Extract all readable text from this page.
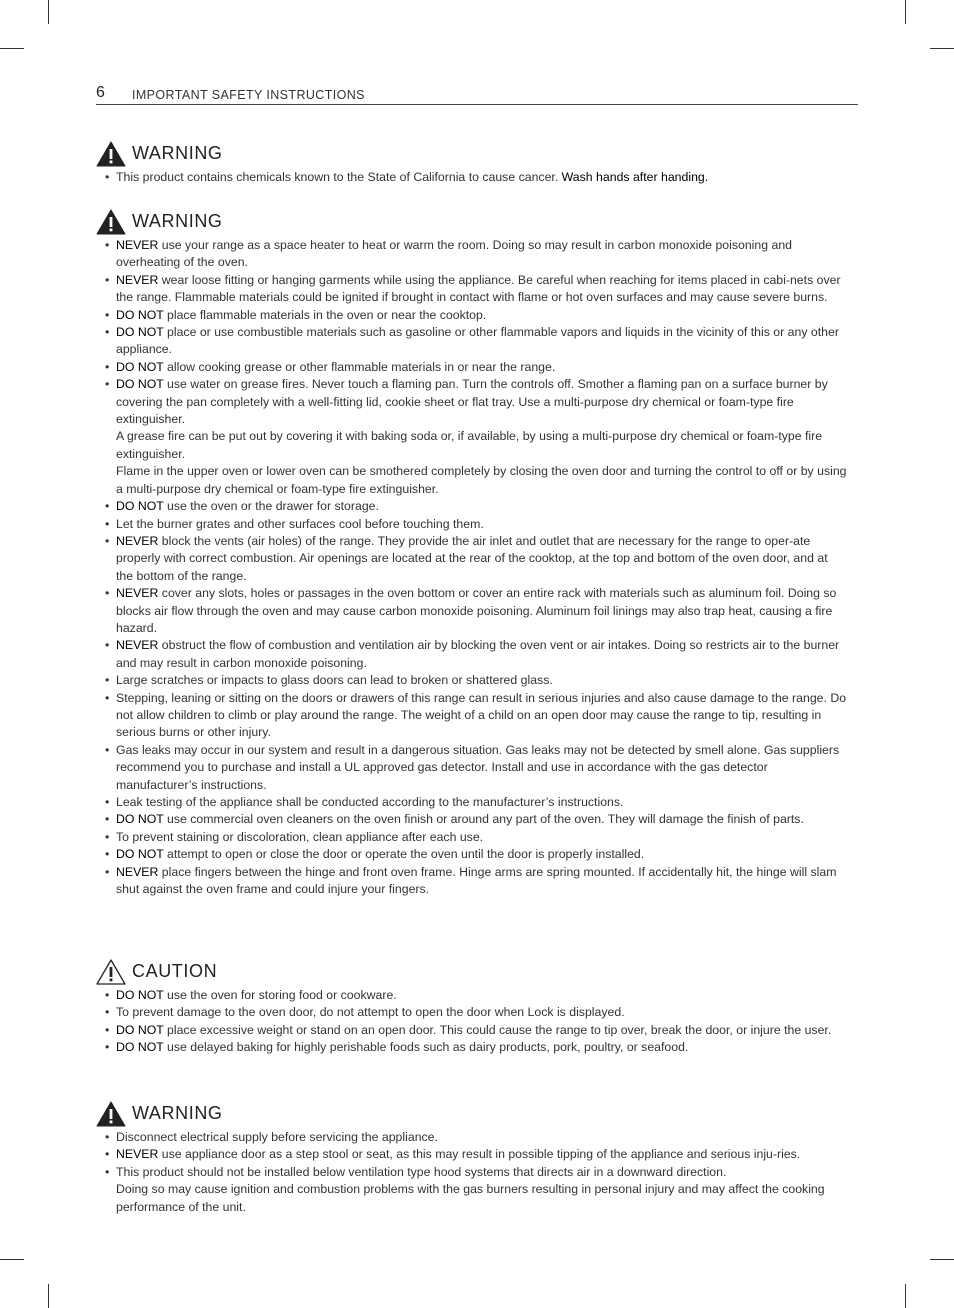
6 IMPORTANT SAFETY INSTRUCTIONS
WARNING
• This product contains chemicals known to the State of California to cause cancer. Wash hands after handing.
WARNING
• NEVER use your range as a space heater to heat or warm the room. Doing so may result in carbon monoxide poisoning and overheating of the oven.
• NEVER wear loose fitting or hanging garments while using the appliance. Be careful when reaching for items placed in cabi-nets over the range. Flammable materials could be ignited if brought in contact with flame or hot oven surfaces and may cause severe burns.
• DO NOT place flammable materials in the oven or near the cooktop.
• DO NOT place or use combustible materials such as gasoline or other flammable vapors and liquids in the vicinity of this or any other appliance.
• DO NOT allow cooking grease or other flammable materials in or near the range.
• DO NOT use water on grease fires. Never touch a flaming pan. Turn the controls off. Smother a flaming pan on a surface burner by covering the pan completely with a well-fitting lid, cookie sheet or flat tray. Use a multi-purpose dry chemical or foam-type fire extinguisher.
A grease fire can be put out by covering it with baking soda or, if available, by using a multi-purpose dry chemical or foam-type fire extinguisher.
Flame in the upper oven or lower oven can be smothered completely by closing the oven door and turning the control to off or by using a multi-purpose dry chemical or foam-type fire extinguisher.
• DO NOT use the oven or the drawer for storage.
• Let the burner grates and other surfaces cool before touching them.
• NEVER block the vents (air holes) of the range. They provide the air inlet and outlet that are necessary for the range to oper-ate properly with correct combustion. Air openings are located at the rear of the cooktop, at the top and bottom of the oven door, and at the bottom of the range.
• NEVER cover any slots, holes or passages in the oven bottom or cover an entire rack with materials such as aluminum foil. Doing so blocks air flow through the oven and may cause carbon monoxide poisoning. Aluminum foil linings may also trap heat, causing a fire hazard.
• NEVER obstruct the flow of combustion and ventilation air by blocking the oven vent or air intakes. Doing so restricts air to the burner and may result in carbon monoxide poisoning.
• Large scratches or impacts to glass doors can lead to broken or shattered glass.
• Stepping, leaning or sitting on the doors or drawers of this range can result in serious injuries and also cause damage to the range. Do not allow children to climb or play around the range. The weight of a child on an open door may cause the range to tip, resulting in serious burns or other injury.
• Gas leaks may occur in our system and result in a dangerous situation. Gas leaks may not be detected by smell alone. Gas suppliers recommend you to purchase and install a UL approved gas detector. Install and use in accordance with the gas detector manufacturer’s instructions.
• Leak testing of the appliance shall be conducted according to the manufacturer’s instructions.
• DO NOT use commercial oven cleaners on the oven finish or around any part of the oven. They will damage the finish of parts.
• To prevent staining or discoloration, clean appliance after each use.
• DO NOT attempt to open or close the door or operate the oven until the door is properly installed.
• NEVER place fingers between the hinge and front oven frame. Hinge arms are spring mounted. If accidentally hit, the hinge will slam shut against the oven frame and could injure your fingers.
CAUTION
• DO NOT use the oven for storing food or cookware.
• To prevent damage to the oven door, do not attempt to open the door when Lock is displayed.
• DO NOT place excessive weight or stand on an open door. This could cause the range to tip over, break the door, or injure the user.
• DO NOT use delayed baking for highly perishable foods such as dairy products, pork, poultry, or seafood.
WARNING
• Disconnect electrical supply before servicing the appliance.
• NEVER use appliance door as a step stool or seat, as this may result in possible tipping of the appliance and serious inju-ries.
• This product should not be installed below ventilation type hood systems that directs air in a downward direction.
Doing so may cause ignition and combustion problems with the gas burners resulting in personal injury and may affect the cooking performance of the unit.
